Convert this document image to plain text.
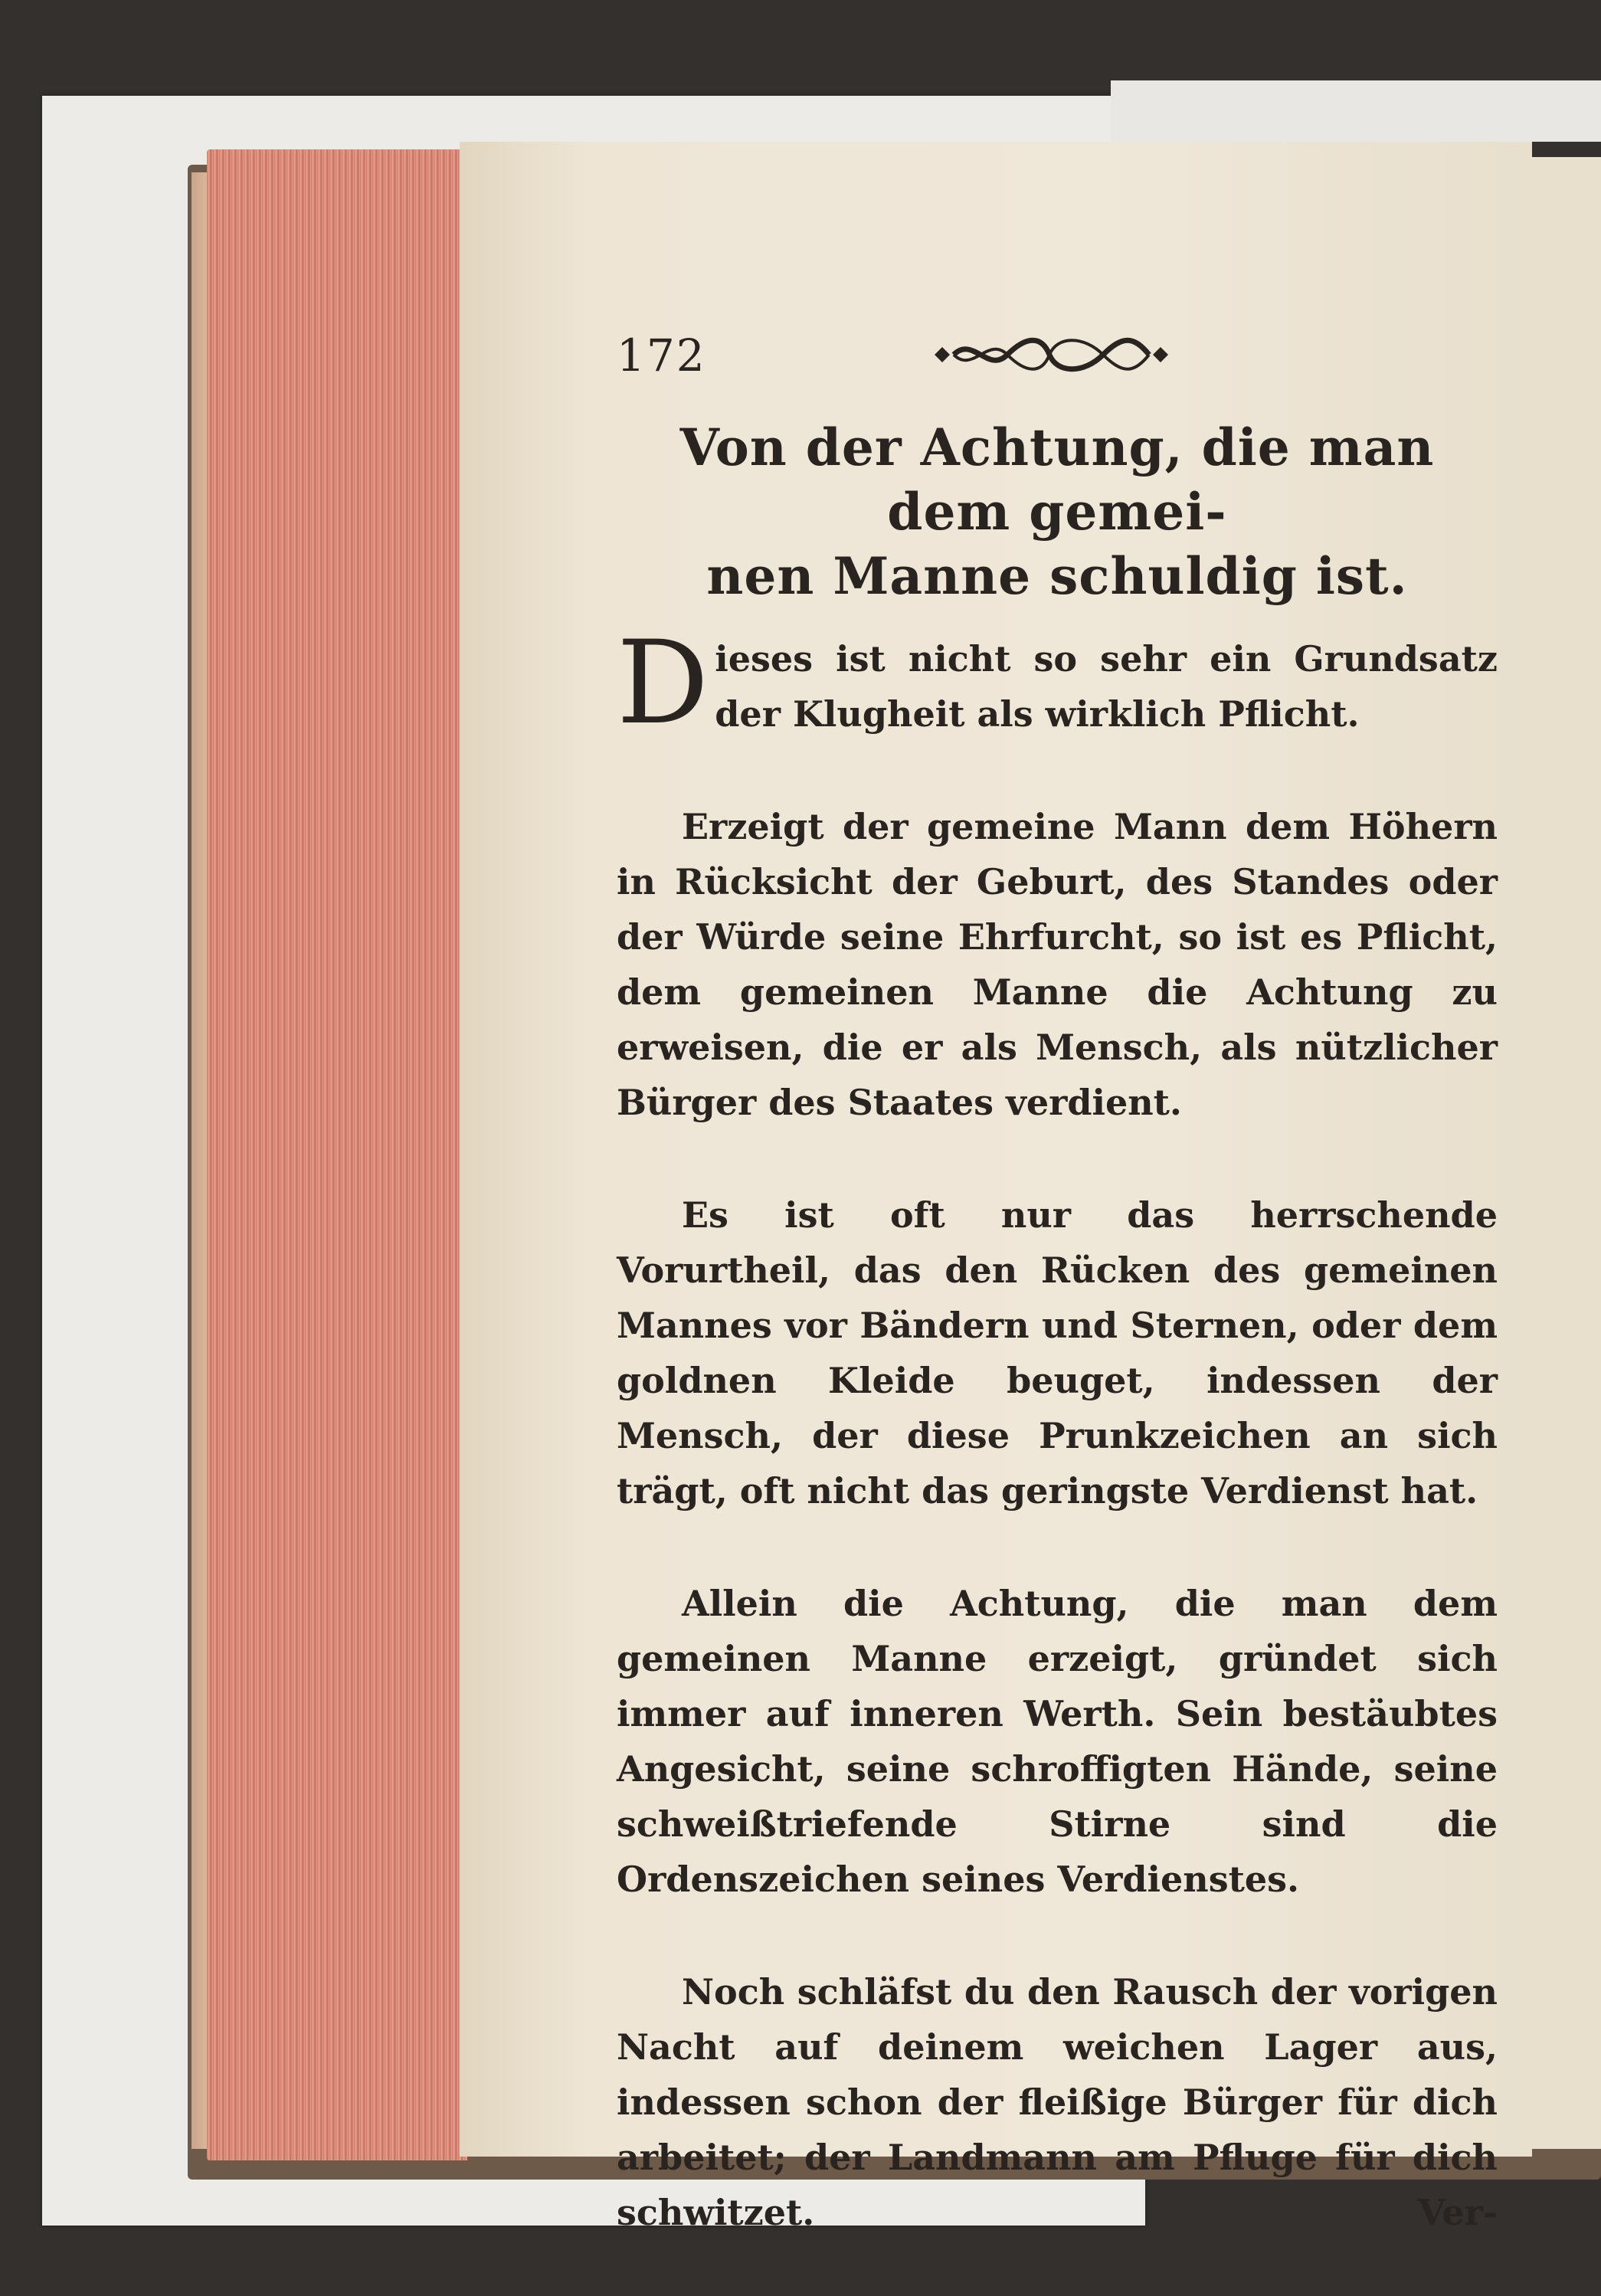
172
Von der Achtung, die man dem gemei-
nen Manne schuldig ist.

Dieses ist nicht so sehr ein Grundsatz der Klugheit als wirklich Pflicht.

Erzeigt der gemeine Mann dem Höhern in Rücksicht der Geburt, des Standes oder der Würde seine Ehrfurcht, so ist es Pflicht, dem gemeinen Manne die Achtung zu erweisen, die er als Mensch, als nützlicher Bürger des Staates verdient.

Es ist oft nur das herrschende Vorurtheil, das den Rücken des gemeinen Mannes vor Bändern und Sternen, oder dem goldnen Kleide beuget, indessen der Mensch, der diese Prunkzeichen an sich trägt, oft nicht das geringste Verdienst hat.

Allein die Achtung, die man dem gemeinen Manne erzeigt, gründet sich immer auf inneren Werth. Sein bestäubtes Angesicht, seine schroffigten Hände, seine schweißtriefende Stirne sind die Ordenszeichen seines Verdienstes.

Noch schläfst du den Rausch der vorigen Nacht auf deinem weichen Lager aus, indessen schon der fleißige Bürger für dich arbeitet; der Landmann am Pfluge für dich schwitzet.	Ver-
